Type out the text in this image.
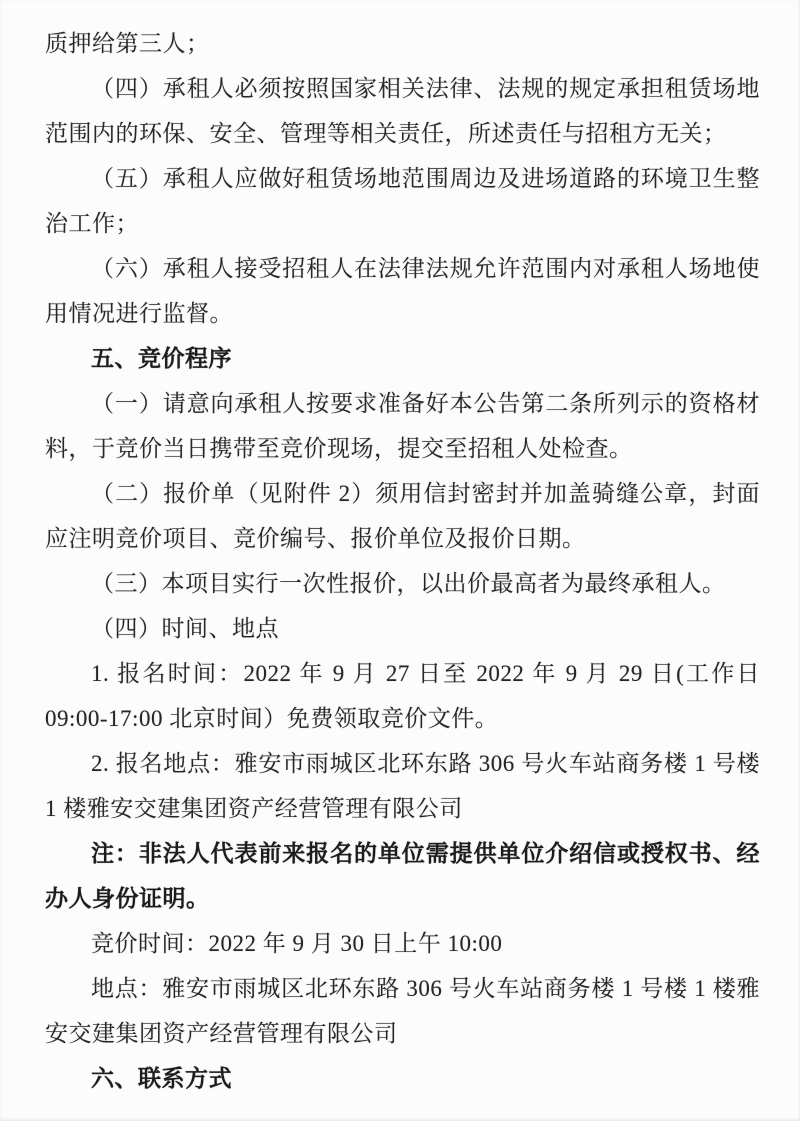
质押给第三人；
（四）承租人必须按照国家相关法律、法规的规定承担租赁场地
范围内的环保、安全、管理等相关责任，所述责任与招租方无关；
（五）承租人应做好租赁场地范围周边及进场道路的环境卫生整
治工作；
（六）承租人接受招租人在法律法规允许范围内对承租人场地使
用情况进行监督。
五、竞价程序
（一）请意向承租人按要求准备好本公告第二条所列示的资格材
料，于竞价当日携带至竞价现场，提交至招租人处检查。
（二）报价单（见附件 2）须用信封密封并加盖骑缝公章，封面
应注明竞价项目、竞价编号、报价单位及报价日期。
（三）本项目实行一次性报价，以出价最高者为最终承租人。
（四）时间、地点
1. 报名时间：2022 年 9 月 27 日至 2022 年 9 月 29 日(工作日
09:00-17:00 北京时间）免费领取竞价文件。
2. 报名地点：雅安市雨城区北环东路 306 号火车站商务楼 1 号楼
1 楼雅安交建集团资产经营管理有限公司
注：非法人代表前来报名的单位需提供单位介绍信或授权书、经
办人身份证明。
竞价时间：2022 年 9 月 30 日上午 10:00
地点：雅安市雨城区北环东路 306 号火车站商务楼 1 号楼 1 楼雅
安交建集团资产经营管理有限公司
六、联系方式
